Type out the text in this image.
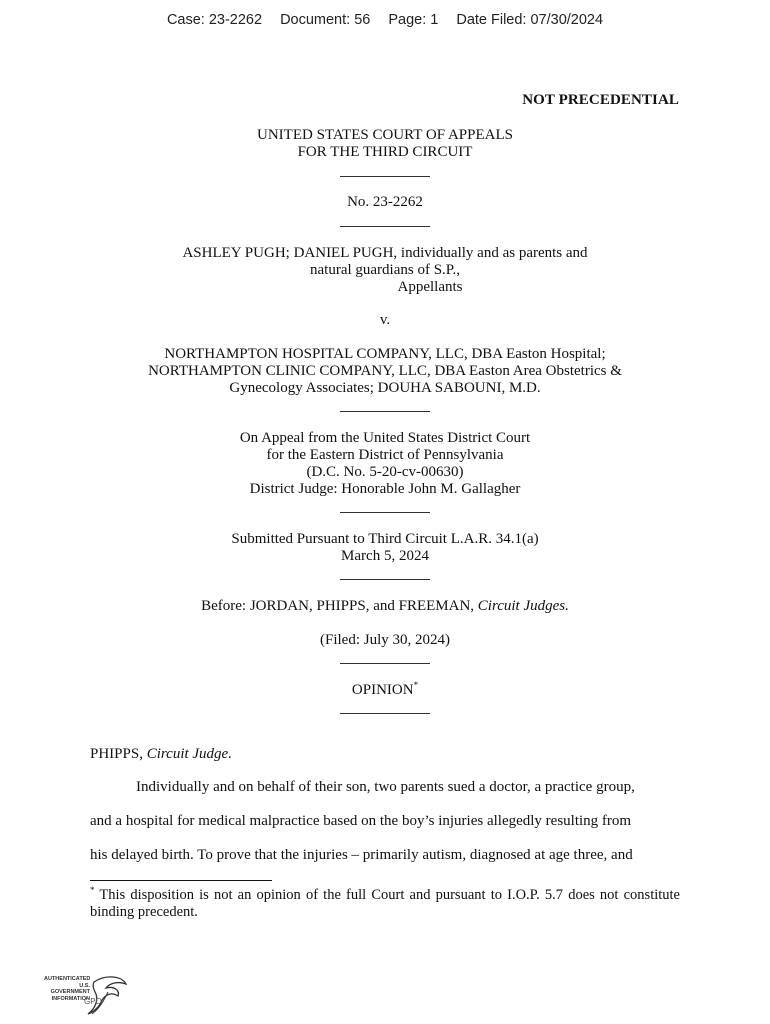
Case: 23-2262 Document: 56 Page: 1 Date Filed: 07/30/2024
NOT PRECEDENTIAL
UNITED STATES COURT OF APPEALS
FOR THE THIRD CIRCUIT
No. 23-2262
ASHLEY PUGH; DANIEL PUGH, individually and as parents and
natural guardians of S.P.,
Appellants
v.
NORTHAMPTON HOSPITAL COMPANY, LLC, DBA Easton Hospital;
NORTHAMPTON CLINIC COMPANY, LLC, DBA Easton Area Obstetrics &
Gynecology Associates; DOUHA SABOUNI, M.D.
On Appeal from the United States District Court
for the Eastern District of Pennsylvania
(D.C. No. 5-20-cv-00630)
District Judge: Honorable John M. Gallagher
Submitted Pursuant to Third Circuit L.A.R. 34.1(a)
March 5, 2024
Before: JORDAN, PHIPPS, and FREEMAN, Circuit Judges.
(Filed: July 30, 2024)
OPINION*
PHIPPS, Circuit Judge.
Individually and on behalf of their son, two parents sued a doctor, a practice group,
and a hospital for medical malpractice based on the boy’s injuries allegedly resulting from
his delayed birth. To prove that the injuries – primarily autism, diagnosed at age three, and
* This disposition is not an opinion of the full Court and pursuant to I.O.P. 5.7 does not constitute binding precedent.
AUTHENTICATED
U.S. GOVERNMENT
INFORMATION
GPO
